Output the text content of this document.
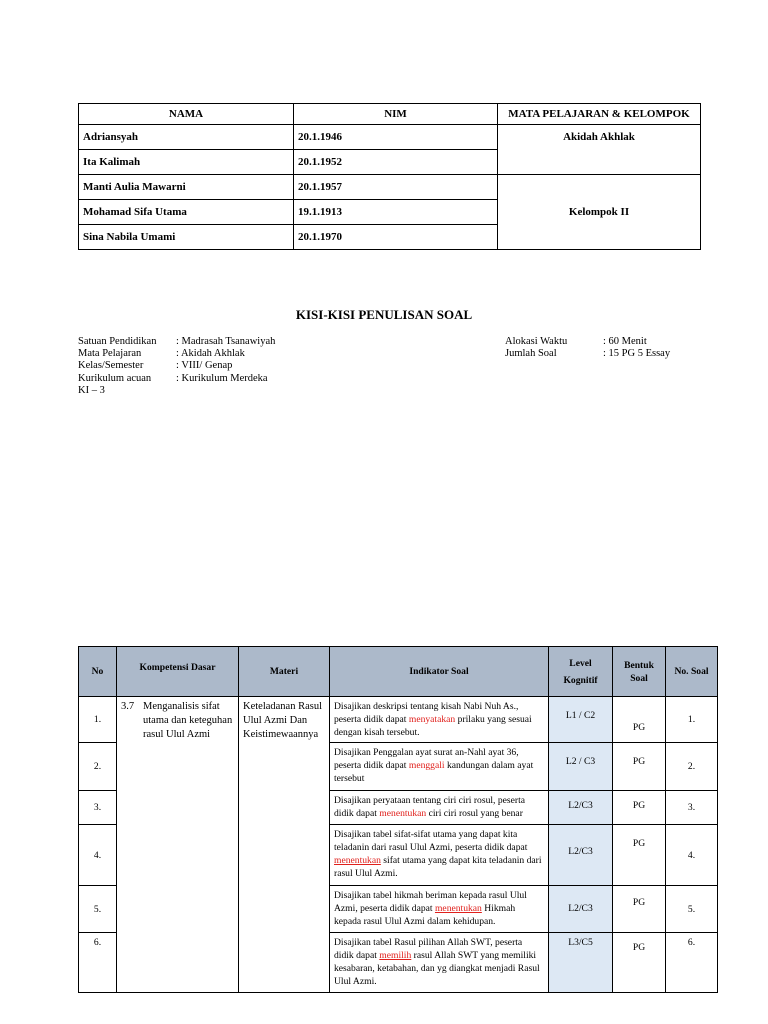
NAMA	NIM	MATA PELAJARAN & KELOMPOK
Adriansyah	20.1.1946	Akidah Akhlak
Ita Kalimah	20.1.1952	
Manti Aulia Mawarni	20.1.1957	Kelompok II
Mohamad Sifa Utama	19.1.1913	
Sina Nabila Umami	20.1.1970	
KISI-KISI PENULISAN SOAL
Satuan Pendidikan	: Madrasah Tsanawiyah
Mata Pelajaran	: Akidah Akhlak
Kelas/Semester	: VIII/ Genap
Kurikulum acuan	: Kurikulum Merdeka
KI – 3
Alokasi Waktu	: 60 Menit
Jumlah Soal	: 15 PG 5 Essay
No	Kompetensi Dasar	Materi	Indikator Soal	Level Kognitif	Bentuk Soal	No. Soal
1.	3.7 Menganalisis sifat utama dan keteguhan rasul Ulul Azmi	Keteladanan Rasul Ulul Azmi Dan Keistimewaannya	Disajikan deskripsi tentang kisah Nabi Nuh As., peserta didik dapat menyatakan prilaku yang sesuai dengan kisah tersebut.	L1 / C2	PG	1.
2.			Disajikan Penggalan ayat surat an-Nahl ayat 36, peserta didik dapat menggali kandungan dalam ayat tersebut	L2 / C3	PG	2.
3.			Disajikan peryataan tentang ciri ciri rosul, peserta didik dapat menentukan ciri ciri rosul yang benar	L2/C3	PG	3.
4.			Disajikan tabel sifat-sifat utama yang dapat kita teladanin dari rasul Ulul Azmi, peserta didik dapat menentukan sifat utama yang dapat kita teladanin dari rasul Ulul Azmi.	L2/C3	PG	4.
5.			Disajikan tabel hikmah beriman kepada rasul Ulul Azmi, peserta didik dapat menentukan Hikmah kepada rasul Ulul Azmi dalam kehidupan.	L2/C3	PG	5.
6.			Disajikan tabel Rasul pilihan Allah SWT, peserta didik dapat memilih rasul Allah SWT yang memiliki kesabaran, ketabahan, dan yg diangkat menjadi Rasul Ulul Azmi.	L3/C5	PG	6.
